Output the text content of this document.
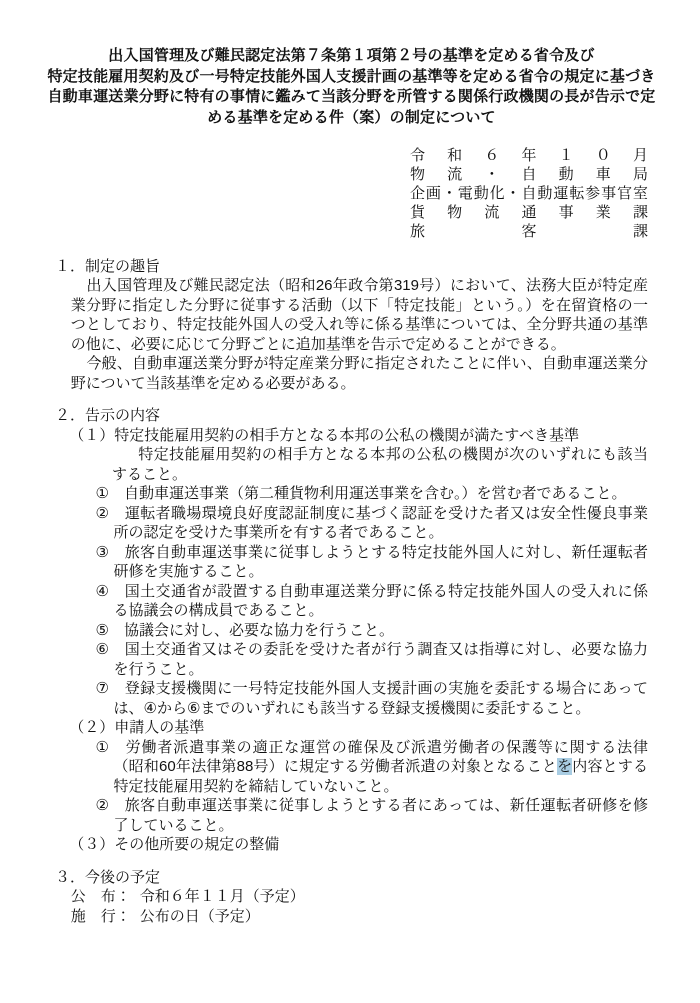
出入国管理及び難民認定法第７条第１項第２号の基準を定める省令及び
特定技能雇用契約及び一号特定技能外国人支援計画の基準等を定める省令の規定に基づき
自動車運送業分野に特有の事情に鑑みて当該分野を所管する関係行政機関の長が告示で定
める基準を定める件（案）の制定について
令 和 ６ 年 １ ０ 月
物 流 ・ 自 動 車 局
企 画 ・ 電 動 化 ・ 自 動 運 転 参 事 官 室
貨 物 流 通 事 業 課
旅	客	課
１．制定の趣旨
出入国管理及び難民認定法（昭和26年政令第319号）において、法務大臣が特定産業分野に指定した分野に従事する活動（以下「特定技能」という。）を在留資格の一つとしており、特定技能外国人の受入れ等に係る基準については、全分野共通の基準の他に、必要に応じて分野ごとに追加基準を告示で定めることができる。
今般、自動車運送業分野が特定産業分野に指定されたことに伴い、自動車運送業分野について当該基準を定める必要がある。
２．告示の内容
（１）特定技能雇用契約の相手方となる本邦の公私の機関が満たすべき基準
特定技能雇用契約の相手方となる本邦の公私の機関が次のいずれにも該当すること。
①　自動車運送事業（第二種貨物利用運送事業を含む。）を営む者であること。
②　運転者職場環境良好度認証制度に基づく認証を受けた者又は安全性優良事業所の認定を受けた事業所を有する者であること。
③　旅客自動車運送事業に従事しようとする特定技能外国人に対し、新任運転者研修を実施すること。
④　国土交通省が設置する自動車運送業分野に係る特定技能外国人の受入れに係る協議会の構成員であること。
⑤　協議会に対し、必要な協力を行うこと。
⑥　国土交通省又はその委託を受けた者が行う調査又は指導に対し、必要な協力を行うこと。
⑦　登録支援機関に一号特定技能外国人支援計画の実施を委託する場合にあっては、④から⑥までのいずれにも該当する登録支援機関に委託すること。
（２）申請人の基準
①　労働者派遣事業の適正な運営の確保及び派遣労働者の保護等に関する法律（昭和60年法律第88号）に規定する労働者派遣の対象となることを内容とする特定技能雇用契約を締結していないこと。
②　旅客自動車運送事業に従事しようとする者にあっては、新任運転者研修を修了していること。
（３）その他所要の規定の整備
３．今後の予定
公　布： 令和６年１１月（予定）
施　行： 公布の日（予定）
